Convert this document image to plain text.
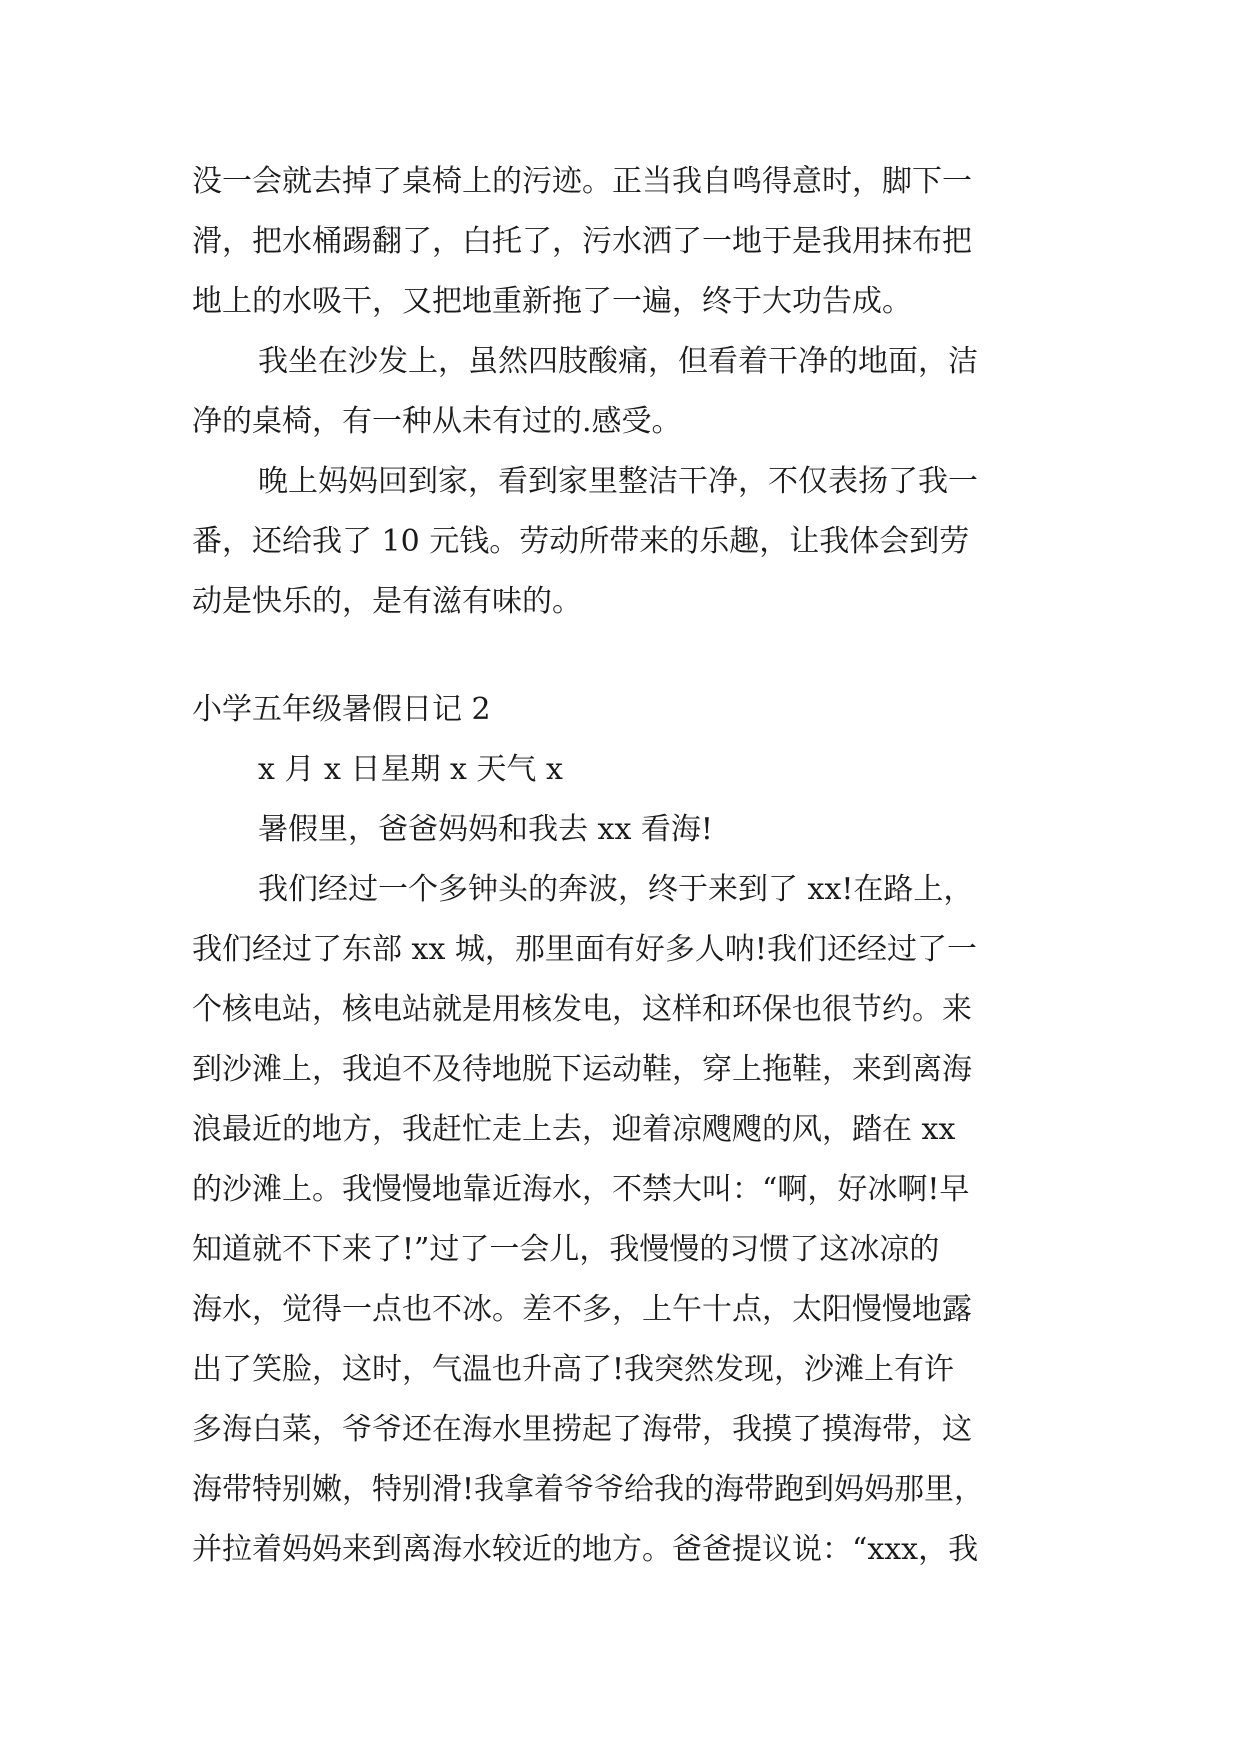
没一会就去掉了桌椅上的污迹。正当我自鸣得意时，脚下一
滑，把水桶踢翻了，白托了，污水洒了一地于是我用抹布把
地上的水吸干，又把地重新拖了一遍，终于大功告成。
我坐在沙发上，虽然四肢酸痛，但看着干净的地面，洁
净的桌椅，有一种从未有过的.感受。
晚上妈妈回到家，看到家里整洁干净，不仅表扬了我一
番，还给我了 10 元钱。劳动所带来的乐趣，让我体会到劳
动是快乐的，是有滋有味的。
小学五年级暑假日记 2
x 月 x 日星期 x 天气 x
暑假里，爸爸妈妈和我去 xx 看海!
我们经过一个多钟头的奔波，终于来到了 xx!在路上，
我们经过了东部 xx 城，那里面有好多人呐!我们还经过了一
个核电站，核电站就是用核发电，这样和环保也很节约。来
到沙滩上，我迫不及待地脱下运动鞋，穿上拖鞋，来到离海
浪最近的地方，我赶忙走上去，迎着凉飕飕的风，踏在 xx
的沙滩上。我慢慢地靠近海水，不禁大叫：“啊，好冰啊!早
知道就不下来了!”过了一会儿，我慢慢的习惯了这冰凉的
海水，觉得一点也不冰。差不多，上午十点，太阳慢慢地露
出了笑脸，这时，气温也升高了!我突然发现，沙滩上有许
多海白菜，爷爷还在海水里捞起了海带，我摸了摸海带，这
海带特别嫩，特别滑!我拿着爷爷给我的海带跑到妈妈那里，
并拉着妈妈来到离海水较近的地方。爸爸提议说：“xxx，我
